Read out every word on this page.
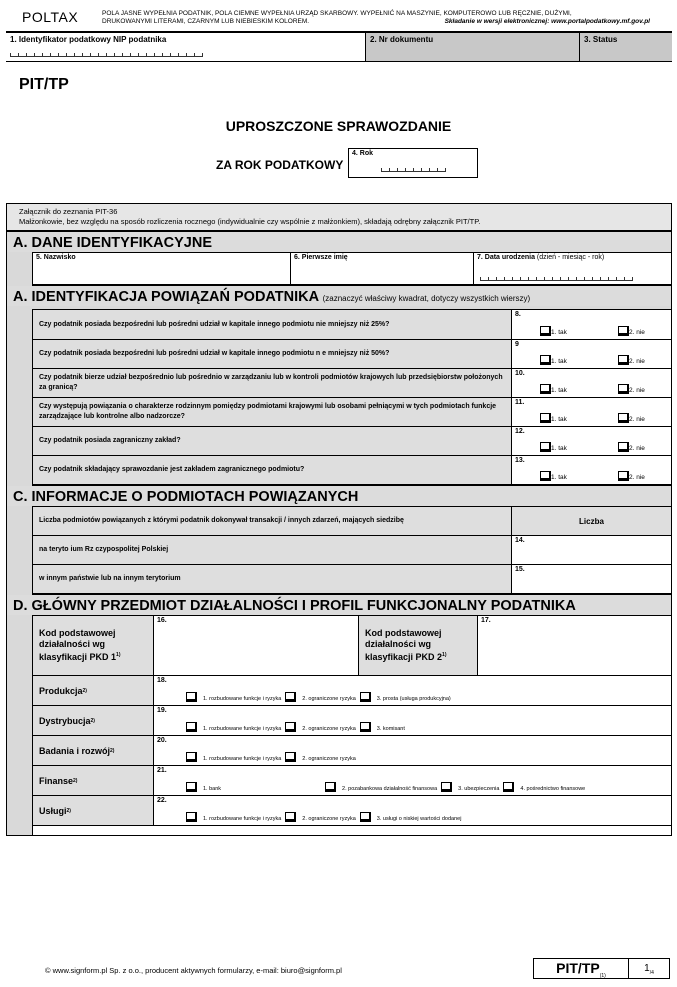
POLTAX	POLA JASNE WYPEŁNIA PODATNIK, POLA CIEMNE WYPEŁNIA URZĄD SKARBOWY. WYPEŁNIĆ NA MASZYNIE, KOMPUTEROWO LUB RĘCZNIE, DUŻYMI,
DRUKOWANYMI LITERAMI, CZARNYM LUB NIEBIESKIM KOLOREM.	Składanie w wersji elektronicznej: www.portalpodatkowy.mf.gov.pl
1. Identyfikator podatkowy NIP podatnika	2. Nr dokumentu	3. Status
PIT/TP
UPROSZCZONE SPRAWOZDANIE
ZA ROK PODATKOWY
4. Rok
Załącznik do zeznania PIT-36
Małżonkowie, bez względu na sposób rozliczenia rocznego (indywidualnie czy wspólnie z małżonkiem), składają odrębny załącznik PIT/TP.
A. DANE IDENTYFIKACYJNE
5. Nazwisko	6. Pierwsze imię	7. Data urodzenia (dzień - miesiąc - rok)
A. IDENTYFIKACJA POWIĄZAŃ PODATNIKA (zaznaczyć właściwy kwadrat, dotyczy wszystkich wierszy)
Czy podatnik posiada bezpośredni lub pośredni udział w kapitale innego podmiotu nie mniejszy niż 25%?
8.
1. tak	2. nie
Czy podatnik posiada bezpośredni lub pośredni udział w kapitale innego podmiotu n e mniejszy niż 50%?
9
1. tak	2. nie
Czy podatnik bierze udział bezpośrednio lub pośrednio w zarządzaniu lub w kontroli podmiotów krajowych lub przedsiębiorstw położonych za granicą?
10.
1. tak	2. nie
Czy występują powiązania o charakterze rodzinnym pomiędzy podmiotami krajowymi lub osobami pełniącymi w tych podmiotach funkcje zarządzające lub kontrolne albo nadzorcze?
11.
1. tak	2. nie
Czy podatnik posiada zagraniczny zakład?
12.
1. tak	2. nie
Czy podatnik składający sprawozdanie jest zakładem zagranicznego podmiotu?
13.
1. tak	2. nie
C. INFORMACJE O PODMIOTACH POWIĄZANYCH
Liczba podmiotów powiązanych z którymi podatnik dokonywał transakcji / innych zdarzeń, mających siedzibę	Liczba
na teryto ium Rz czypospolitej Polskiej
14.
w innym państwie lub na innym terytorium
15.
D. GŁÓWNY PRZEDMIOT DZIAŁALNOŚCI I PROFIL FUNKCJONALNY PODATNIKA
Kod podstawowej działalności wg klasyfikacji PKD 1$^{1)}$
16.
Kod podstawowej działalności wg klasyfikacji PKD 2$^{1)}$
17.
Produkcja 2)
18.
1. rozbudowane funkcje i ryzyka	2. ograniczone ryzyka	3. prosta (usługa produkcyjna)
Dystrybucja 2)
19.
1. rozbudowane funkcje i ryzyka	2. ograniczone ryzyka	3. komisant
Badania i rozwój 2)
20.
1. rozbudowane funkcje i ryzyka	2. ograniczone ryzyka
Finanse 2)
21.
1. bank	2. pozabankowa działalność finansowa	3. ubezpieczenia	4. pośrednictwo finansowe
Usługi 2)
22.
1. rozbudowane funkcje i ryzyka	2. ograniczone ryzyka	3. usługi o niskiej wartości dodanej
© www.signform.pl Sp. z o.o., producent aktywnych formularzy, e-mail: biuro@signform.pl	PIT/$TP_{(1)}$
$1_{/4}$
